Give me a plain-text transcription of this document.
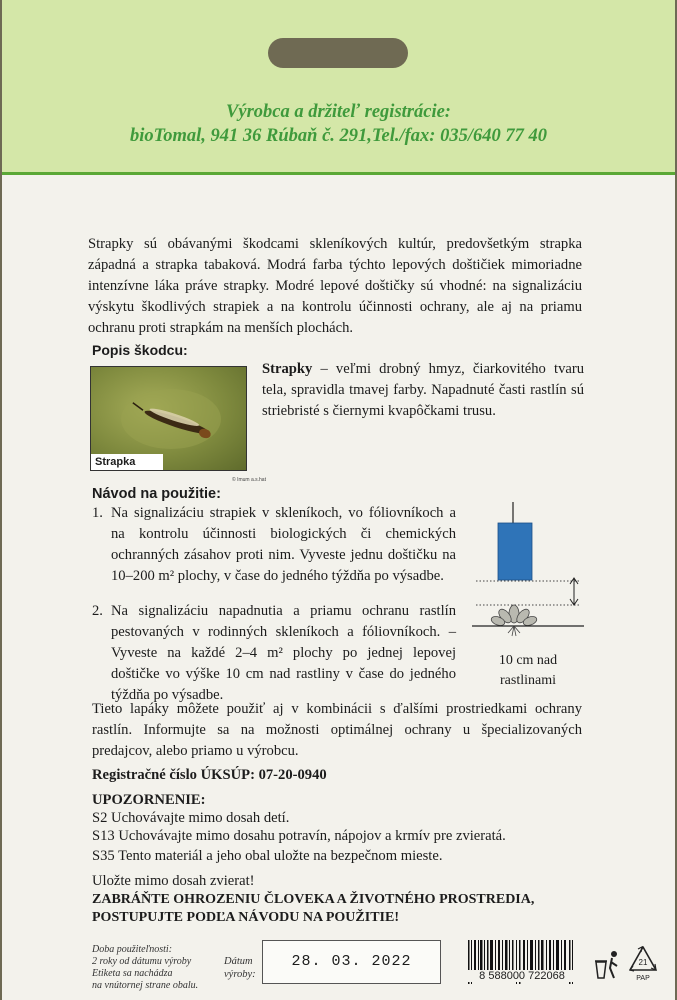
Výrobca a držiteľ registrácie:
bioTomal, 941 36 Rúbaň č. 291,Tel./fax: 035/640 77 40
Strapky sú obávanými škodcami skleníkových kultúr, predovšetkým strapka západná a strapka tabaková. Modrá farba týchto lepových doštičiek mimoriadne intenzívne láka práve strapky. Modré lepové doštičky sú vhodné: na signalizáciu výskytu škodlivých strapiek a na kontrolu účinnosti ochrany, ale aj na priamu ochranu proti strapkám na menších plochách.
Popis škodcu:
Strapka
© Imum a.s.hat
Strapky – veľmi drobný hmyz, čiarkovitého tvaru tela, spravidla tmavej farby. Napadnuté časti rastlín sú striebristé s čiernymi kvapôčkami trusu.
Návod na použitie:
1. Na signalizáciu strapiek v skleníkoch, vo fóliovníkoch a na kontrolu účinnosti biologických či chemických ochranných zásahov proti nim. Vyveste jednu doštičku na 10–200 m² plochy, v čase do jedného týždňa po výsadbe.
2. Na signalizáciu napadnutia a priamu ochranu rastlín pestovaných v rodinných skleníkoch a fóliovníkoch. – Vyveste na každé 2–4 m² plochy po jednej lepovej doštičke vo výške 10 cm nad rastliny v čase do jedného týždňa po výsadbe.
10 cm nad rastlinami
Tieto lapáky môžete použiť aj v kombinácii s ďalšími prostriedkami ochrany rastlín. Informujte sa na možnosti optimálnej ochrany u špecializovaných predajcov, alebo priamo u výrobcu.
Registračné číslo ÚKSÚP: 07-20-0940
UPOZORNENIE:
S2 Uchovávajte mimo dosah detí.
S13 Uchovávajte mimo dosahu potravín, nápojov a krmív pre zvieratá.
S35 Tento materiál a jeho obal uložte na bezpečnom mieste.
Uložte mimo dosah zvierat!
ZABRÁŇTE OHROZENIU ČLOVEKA A ŽIVOTNÉHO PROSTREDIA,
POSTUPUJTE PODĽA NÁVODU NA POUŽITIE!
Doba použiteľnosti:
2 roky od dátumu výroby
Etiketa sa nachádza
na vnútornej strane obalu.
Dátum
výroby:
28. 03. 2022
8 588000 722068
21
PAP
